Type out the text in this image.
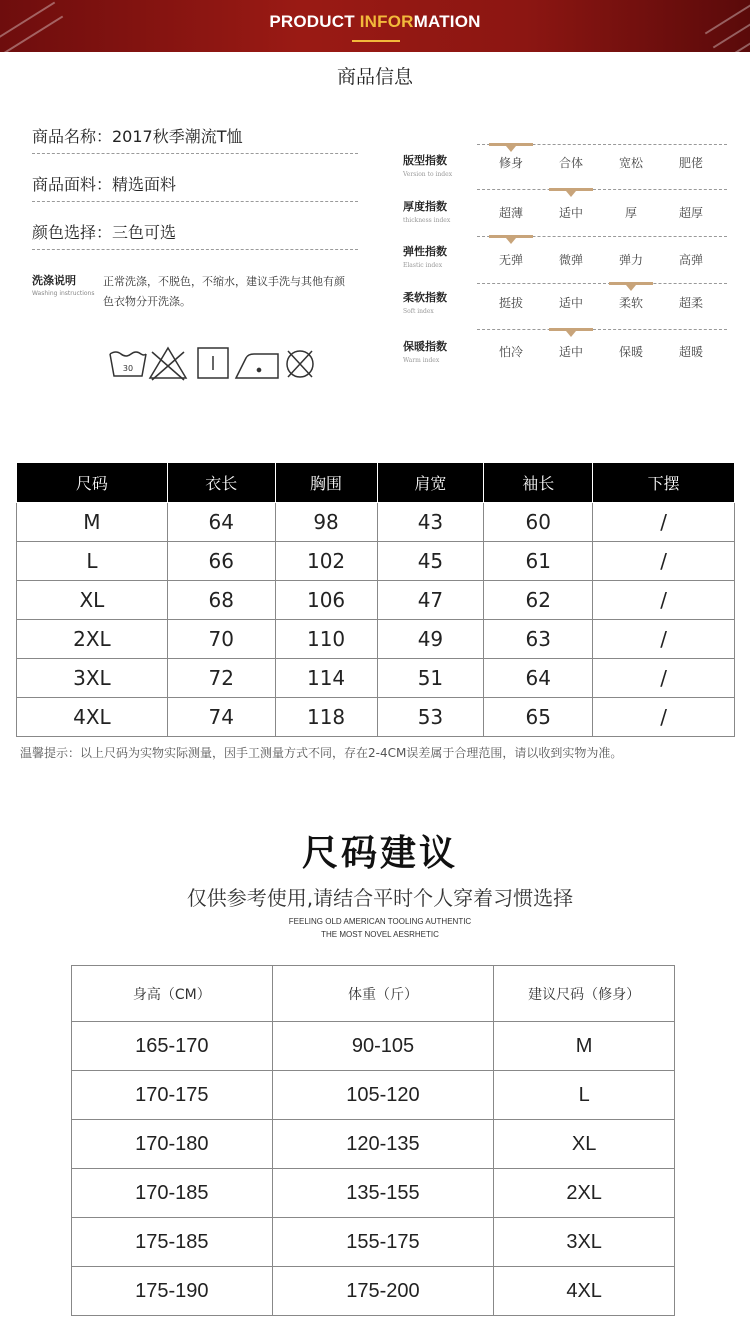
PRODUCT INFORMATION
商品信息
商品名称：2017秋季潮流T恤
商品面料：精选面料
颜色选择：三色可选
洗涤说明
Washing instructions
正常洗涤，不脱色，不缩水，建议手洗与其他有颜色衣物分开洗涤。
30
版型指数
Version to index
修身	合体	宽松	肥佬
厚度指数
thickness index
超薄	适中	厚	超厚
弹性指数
Elastic index	无弹	微弹	弹力	高弹
柔软指数
Soft index
挺拔	适中	柔软	超柔
保暖指数
Warm index
怕冷	适中	保暖	超暖
尺码	衣长	胸围	肩宽	袖长	下摆
M	64	98	43	60	/
L	66	102	45	61	/
XL	68	106	47	62	/
2XL	70	110	49	63	/
3XL	72	114	51	64	/
4XL	74	118	53	65	/
温馨提示：以上尺码为实物实际测量，因手工测量方式不同，存在2-4CM误差属于合理范围，请以收到实物为准。
尺码建议
仅供参考使用,请结合平时个人穿着习惯选择
FEELING OLD AMERICAN TOOLING AUTHENTIC
THE MOST NOVEL AESRHETIC
身高（CM）	体重（斤）	建议尺码（修身）
165-170	90-105	M
170-175	105-120	L
170-180	120-135	XL
170-185	135-155	2XL
175-185	155-175	3XL
175-190	175-200	4XL
